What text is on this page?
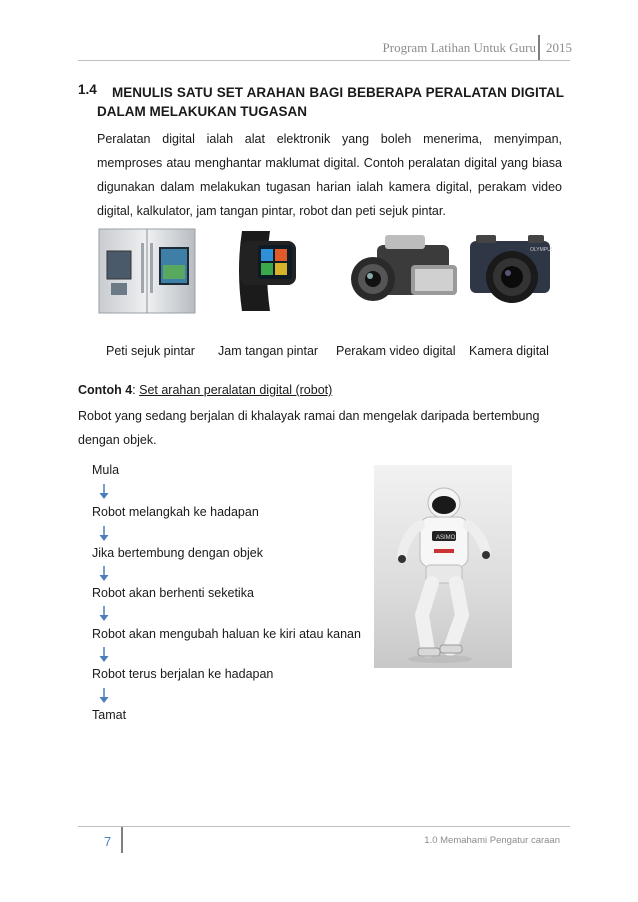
Program Latihan Untuk Guru 2015
1.4 MENULIS SATU SET ARAHAN BAGI BEBERAPA PERALATAN DIGITAL
DALAM MELAKUKAN TUGASAN
Peralatan digital ialah alat elektronik yang boleh menerima, menyimpan, memproses atau menghantar maklumat digital. Contoh peralatan digital yang biasa digunakan dalam melakukan tugasan harian ialah kamera digital, perakam video digital, kalkulator, jam tangan pintar, robot dan peti sejuk pintar.
OLYMPUS
Peti sejuk pintar Jam tangan pintar Perakam video digital Kamera digital
Contoh 4: Set arahan peralatan digital (robot)
Robot yang sedang berjalan di khalayak ramai dan mengelak daripada bertembung dengan objek.
Mula
Robot melangkah ke hadapan
Jika bertembung dengan objek
Robot akan berhenti seketika
Robot akan mengubah haluan ke kiri atau kanan
Robot terus berjalan ke hadapan
Tamat
ASIMO
7	1.0 Memahami Pengatur caraan
